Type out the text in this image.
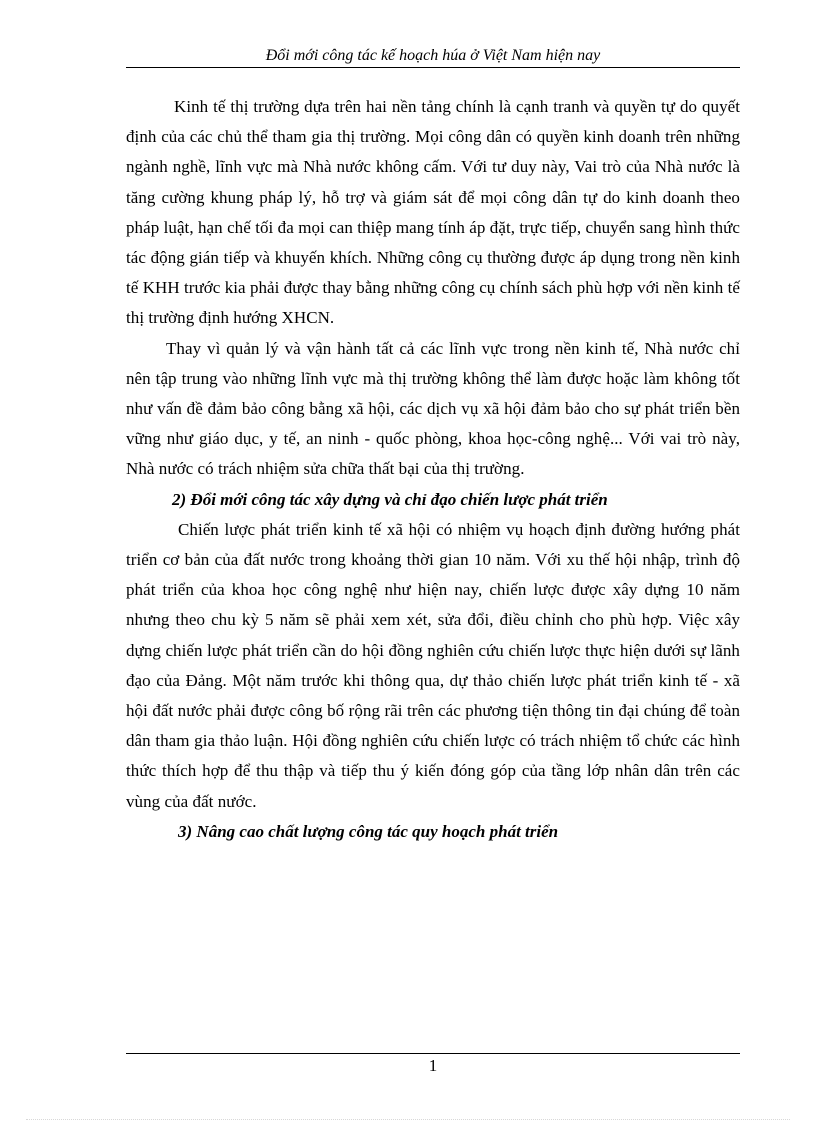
Đổi mới công tác kế hoạch húa ở Việt Nam hiện nay

Kinh tế thị trường dựa trên hai nền tảng chính là cạnh tranh và quyền tự do quyết định của các chủ thể tham gia thị trường. Mọi công dân có quyền kinh doanh trên những ngành nghề, lĩnh vực mà Nhà nước không cấm. Với tư duy này, Vai trò của Nhà nước là tăng cường khung pháp lý, hỗ trợ và giám sát để mọi công dân tự do kinh doanh theo pháp luật, hạn chế tối đa mọi can thiệp mang tính áp đặt, trực tiếp, chuyển sang hình thức tác động gián tiếp và khuyến khích. Những công cụ thường được áp dụng trong nền kinh tế KHH trước kia phải được thay bằng những công cụ chính sách phù hợp với nền kinh tế thị trường định hướng XHCN.

Thay vì quản lý và vận hành tất cả các lĩnh vực trong nền kinh tế, Nhà nước chỉ nên tập trung vào những lĩnh vực mà thị trường không thể làm được hoặc làm không tốt như vấn đề đảm bảo công bằng xã hội, các dịch vụ xã hội đảm bảo cho sự phát triển bền vững như giáo dục, y tế, an ninh - quốc phòng, khoa học-công nghệ... Với vai trò này, Nhà nước có trách nhiệm sửa chữa thất bại của thị trường.

2) Đổi mới công tác xây dựng và chỉ đạo chiến lược phát triển

Chiến lược phát triển kinh tế xã hội có nhiệm vụ hoạch định đường hướng phát triển cơ bản của đất nước trong khoảng thời gian 10 năm. Với xu thế hội nhập, trình độ phát triển của khoa học công nghệ như hiện nay, chiến lược được xây dựng 10 năm nhưng theo chu kỳ 5 năm sẽ phải xem xét, sửa đổi, điều chỉnh cho phù hợp. Việc xây dựng chiến lược phát triển cần do hội đồng nghiên cứu chiến lược thực hiện dưới sự lãnh đạo của Đảng. Một năm trước khi thông qua, dự thảo chiến lược phát triển kinh tế - xã hội đất nước phải được công bố rộng rãi trên các phương tiện thông tin đại chúng để toàn dân tham gia thảo luận. Hội đồng nghiên cứu chiến lược có trách nhiệm tổ chức các hình thức thích hợp để thu thập và tiếp thu ý kiến đóng góp của tầng lớp nhân dân trên các vùng của đất nước.

3) Nâng cao chất lượng công tác quy hoạch phát triển

1
